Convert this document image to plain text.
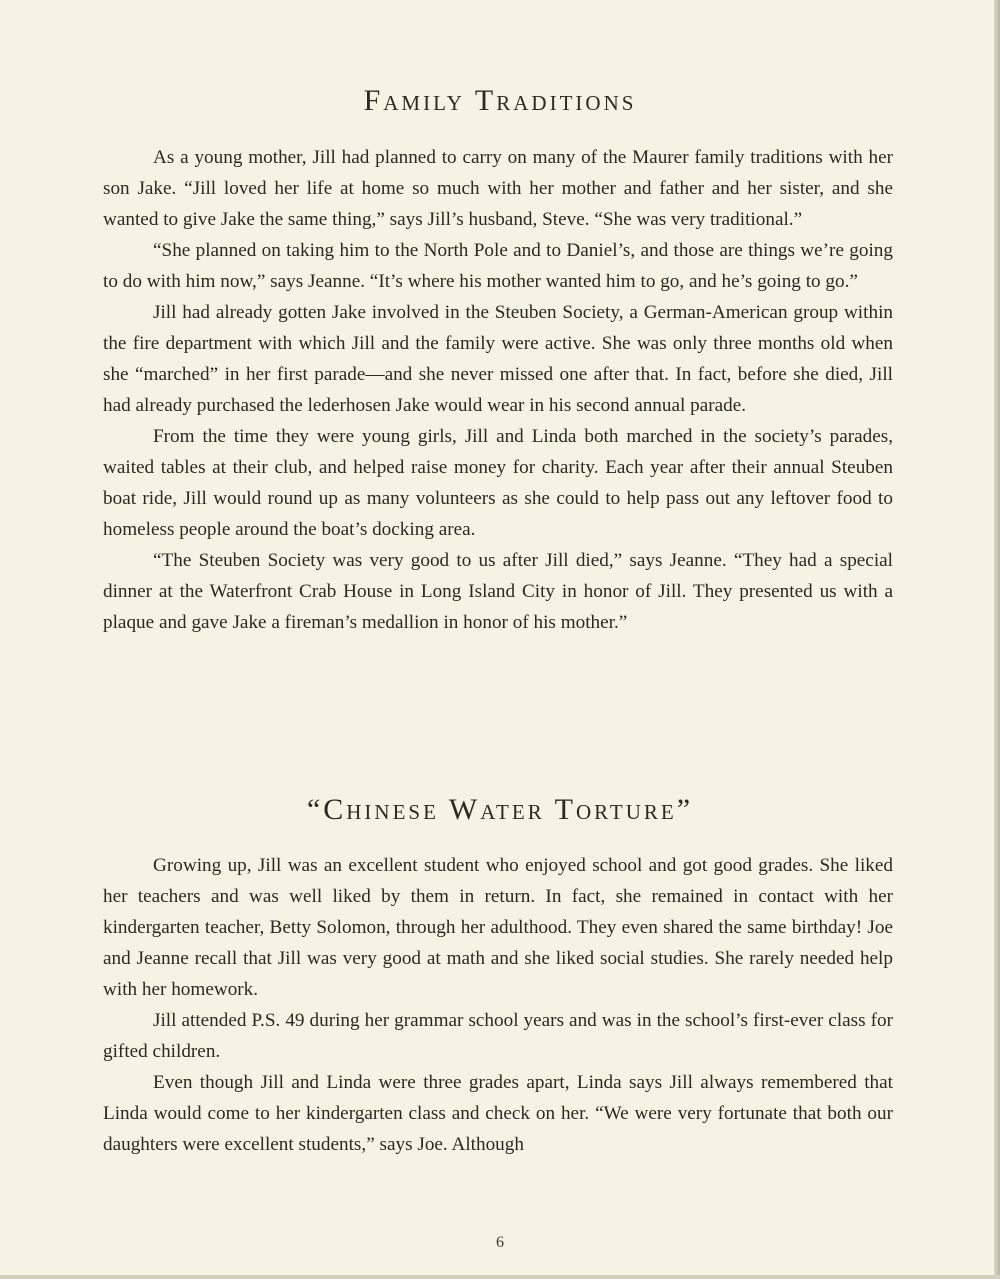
Family Traditions

As a young mother, Jill had planned to carry on many of the Maurer family traditions with her son Jake. “Jill loved her life at home so much with her mother and father and her sister, and she wanted to give Jake the same thing,” says Jill’s husband, Steve. “She was very traditional.”

“She planned on taking him to the North Pole and to Daniel’s, and those are things we’re going to do with him now,” says Jeanne. “It’s where his mother wanted him to go, and he’s going to go.”

Jill had already gotten Jake involved in the Steuben Society, a German-American group within the fire department with which Jill and the family were active. She was only three months old when she “marched” in her first parade—and she never missed one after that. In fact, before she died, Jill had already purchased the lederhosen Jake would wear in his second annual parade.

From the time they were young girls, Jill and Linda both marched in the society’s parades, waited tables at their club, and helped raise money for charity. Each year after their annual Steuben boat ride, Jill would round up as many volunteers as she could to help pass out any leftover food to homeless people around the boat’s docking area.

“The Steuben Society was very good to us after Jill died,” says Jeanne. “They had a special dinner at the Waterfront Crab House in Long Island City in honor of Jill. They presented us with a plaque and gave Jake a fireman’s medallion in honor of his mother.”

“Chinese Water Torture”

Growing up, Jill was an excellent student who enjoyed school and got good grades. She liked her teachers and was well liked by them in return. In fact, she remained in contact with her kindergarten teacher, Betty Solomon, through her adulthood. They even shared the same birthday! Joe and Jeanne recall that Jill was very good at math and she liked social studies. She rarely needed help with her homework.

Jill attended P.S. 49 during her grammar school years and was in the school’s first-ever class for gifted children.

Even though Jill and Linda were three grades apart, Linda says Jill always remembered that Linda would come to her kindergarten class and check on her. “We were very fortunate that both our daughters were excellent students,” says Joe. Although

6
